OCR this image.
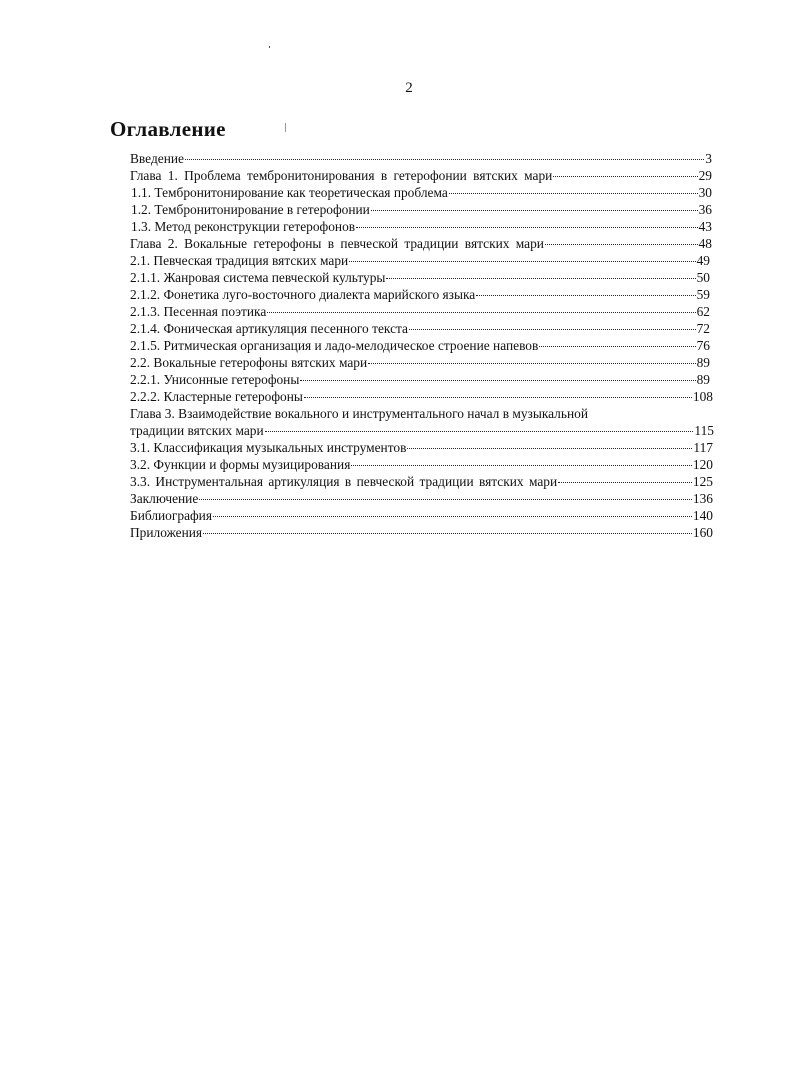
2
Оглавление
Введение	3
Глава 1. Проблема тембронитонирования в гетерофонии вятских мари	29
1.1. Тембронитонирование как теоретическая проблема	30
1.2. Тембронитонирование в гетерофонии	36
1.3. Метод реконструкции гетерофонов	43
Глава 2. Вокальные гетерофоны в певческой традиции вятских мари	48
2.1. Певческая традиция вятских мари	49
2.1.1. Жанровая система певческой культуры	50
2.1.2. Фонетика луго-восточного диалекта марийского языка	59
2.1.3. Песенная поэтика	62
2.1.4. Фоническая артикуляция песенного текста	72
2.1.5. Ритмическая организация и ладо-мелодическое строение напевов	76
2.2. Вокальные гетерофоны вятских мари	89
2.2.1. Унисонные гетерофоны	89
2.2.2. Кластерные гетерофоны	108
Глава 3. Взаимодействие вокального и инструментального начал в музыкальной
традиции вятских мари	115
3.1. Классификация музыкальных инструментов	117
3.2. Функции и формы музицирования	120
3.3. Инструментальная артикуляция в певческой традиции вятских мари	125
Заключение	136
Библиография	140
Приложения	160
